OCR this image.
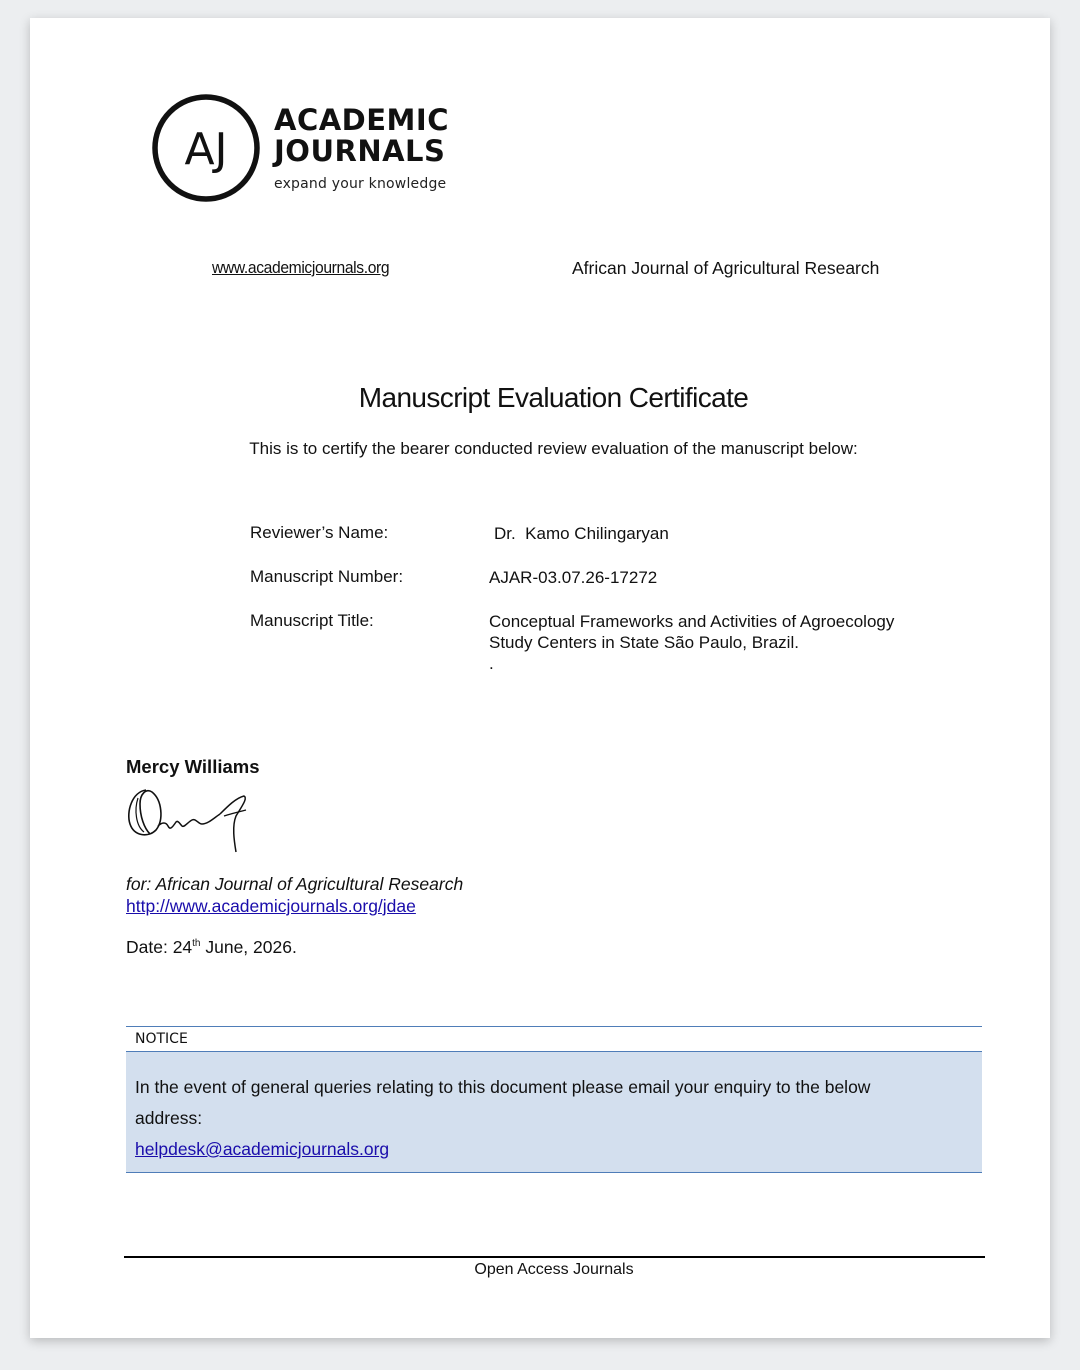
AJ
ACADEMIC
JOURNALS
expand your knowledge
www.academicjournals.org	African Journal of Agricultural Research
Manuscript Evaluation Certificate
This is to certify the bearer conducted review evaluation of the manuscript below:
Reviewer’s Name:	Dr.  Kamo Chilingaryan
Manuscript Number:	AJAR-03.07.26-17272
Manuscript Title:	Conceptual Frameworks and Activities of Agroecology
Study Centers in State São Paulo, Brazil.
.
Mercy Williams
for: African Journal of Agricultural Research
http://www.academicjournals.org/jdae
Date: 24th June, 2026.
NOTICE
In the event of general queries relating to this document please email your enquiry to the below
address:
helpdesk@academicjournals.org
Open Access Journals
